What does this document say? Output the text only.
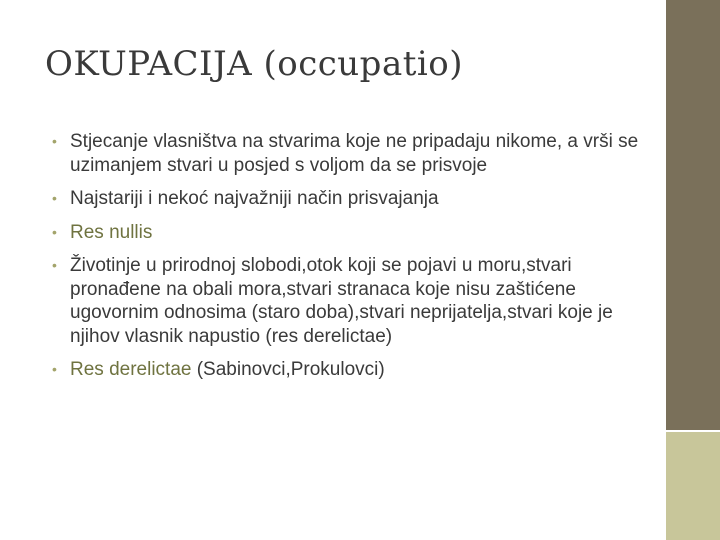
OKUPACIJA (occupatio)
• Stjecanje vlasništva na stvarima koje ne pripadaju nikome, a vrši se uzimanjem stvari u posjed s voljom da se prisvoje
• Najstariji i nekoć najvažniji način prisvajanja
• Res nullis
• Životinje u prirodnoj slobodi,otok koji se pojavi u moru,stvari pronađene na obali mora,stvari stranaca koje nisu zaštićene ugovornim odnosima (staro doba),stvari neprijatelja,stvari koje je njihov vlasnik napustio (res derelictae)
• Res derelictae (Sabinovci,Prokulovci)
